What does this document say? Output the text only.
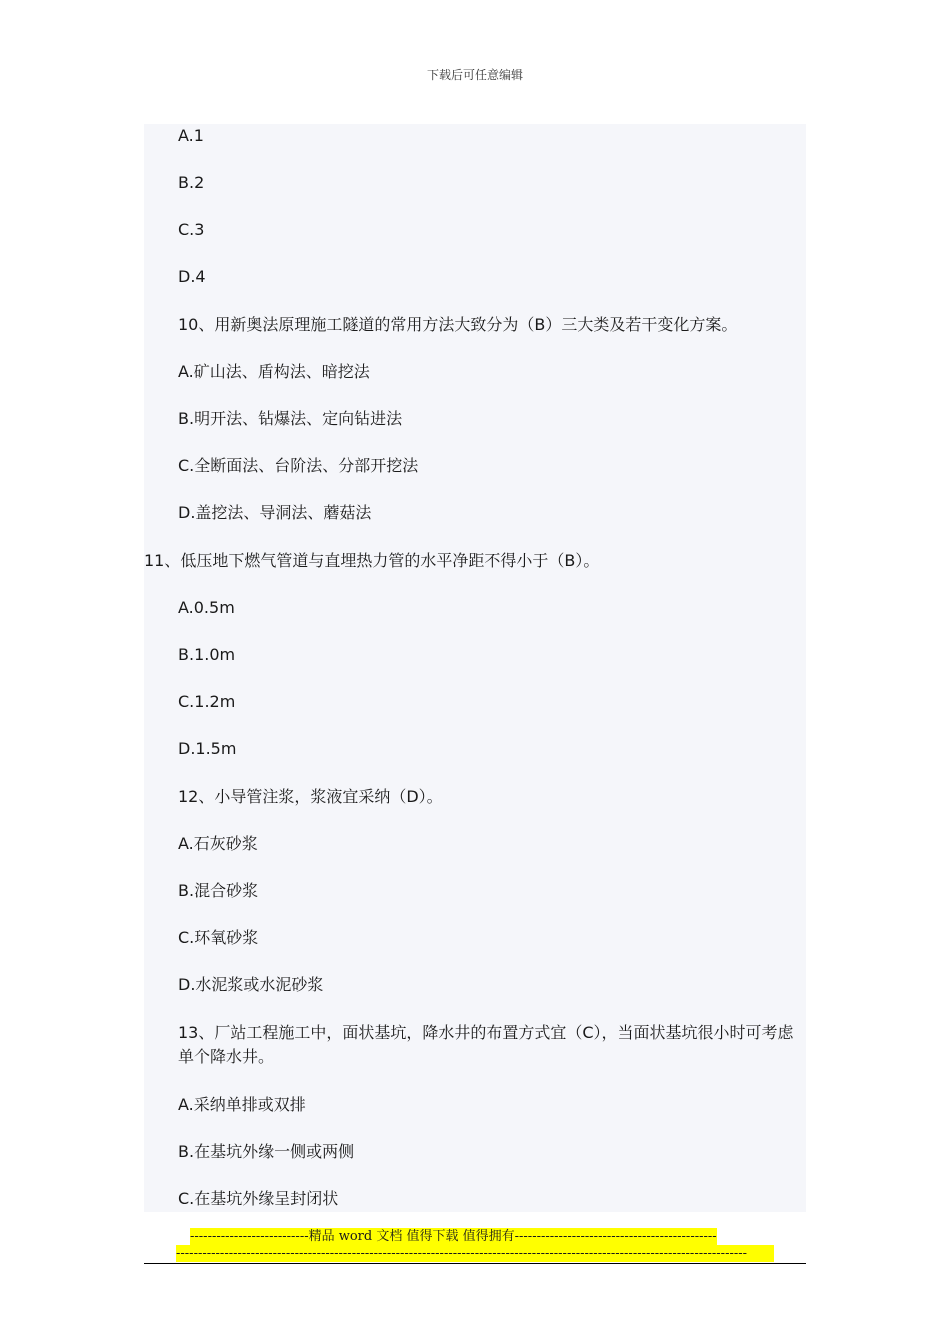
下载后可任意编辑
A.1
B.2
C.3
D.4
10、用新奥法原理施工隧道的常用方法大致分为（B）三大类及若干变化方案。
A.矿山法、盾构法、暗挖法
B.明开法、钻爆法、定向钻进法
C.全断面法、台阶法、分部开挖法
D.盖挖法、导洞法、蘑菇法
11、低压地下燃气管道与直埋热力管的水平净距不得小于（B）。
A.0.5m
B.1.0m
C.1.2m
D.1.5m
12、小导管注浆，浆液宜采纳（D）。
A.石灰砂浆
B.混合砂浆
C.环氧砂浆
D.水泥浆或水泥砂浆
13、厂站工程施工中，面状基坑，降水井的布置方式宜（C），当面状基坑很小时可考虑单个降水井。
A.采纳单排或双排
B.在基坑外缘一侧或两侧
C.在基坑外缘呈封闭状
---------------------------精品 word 文档 值得下载 值得拥有----------------------------------------------
----------------------------------------------------------------------------------------------------------------------------------
